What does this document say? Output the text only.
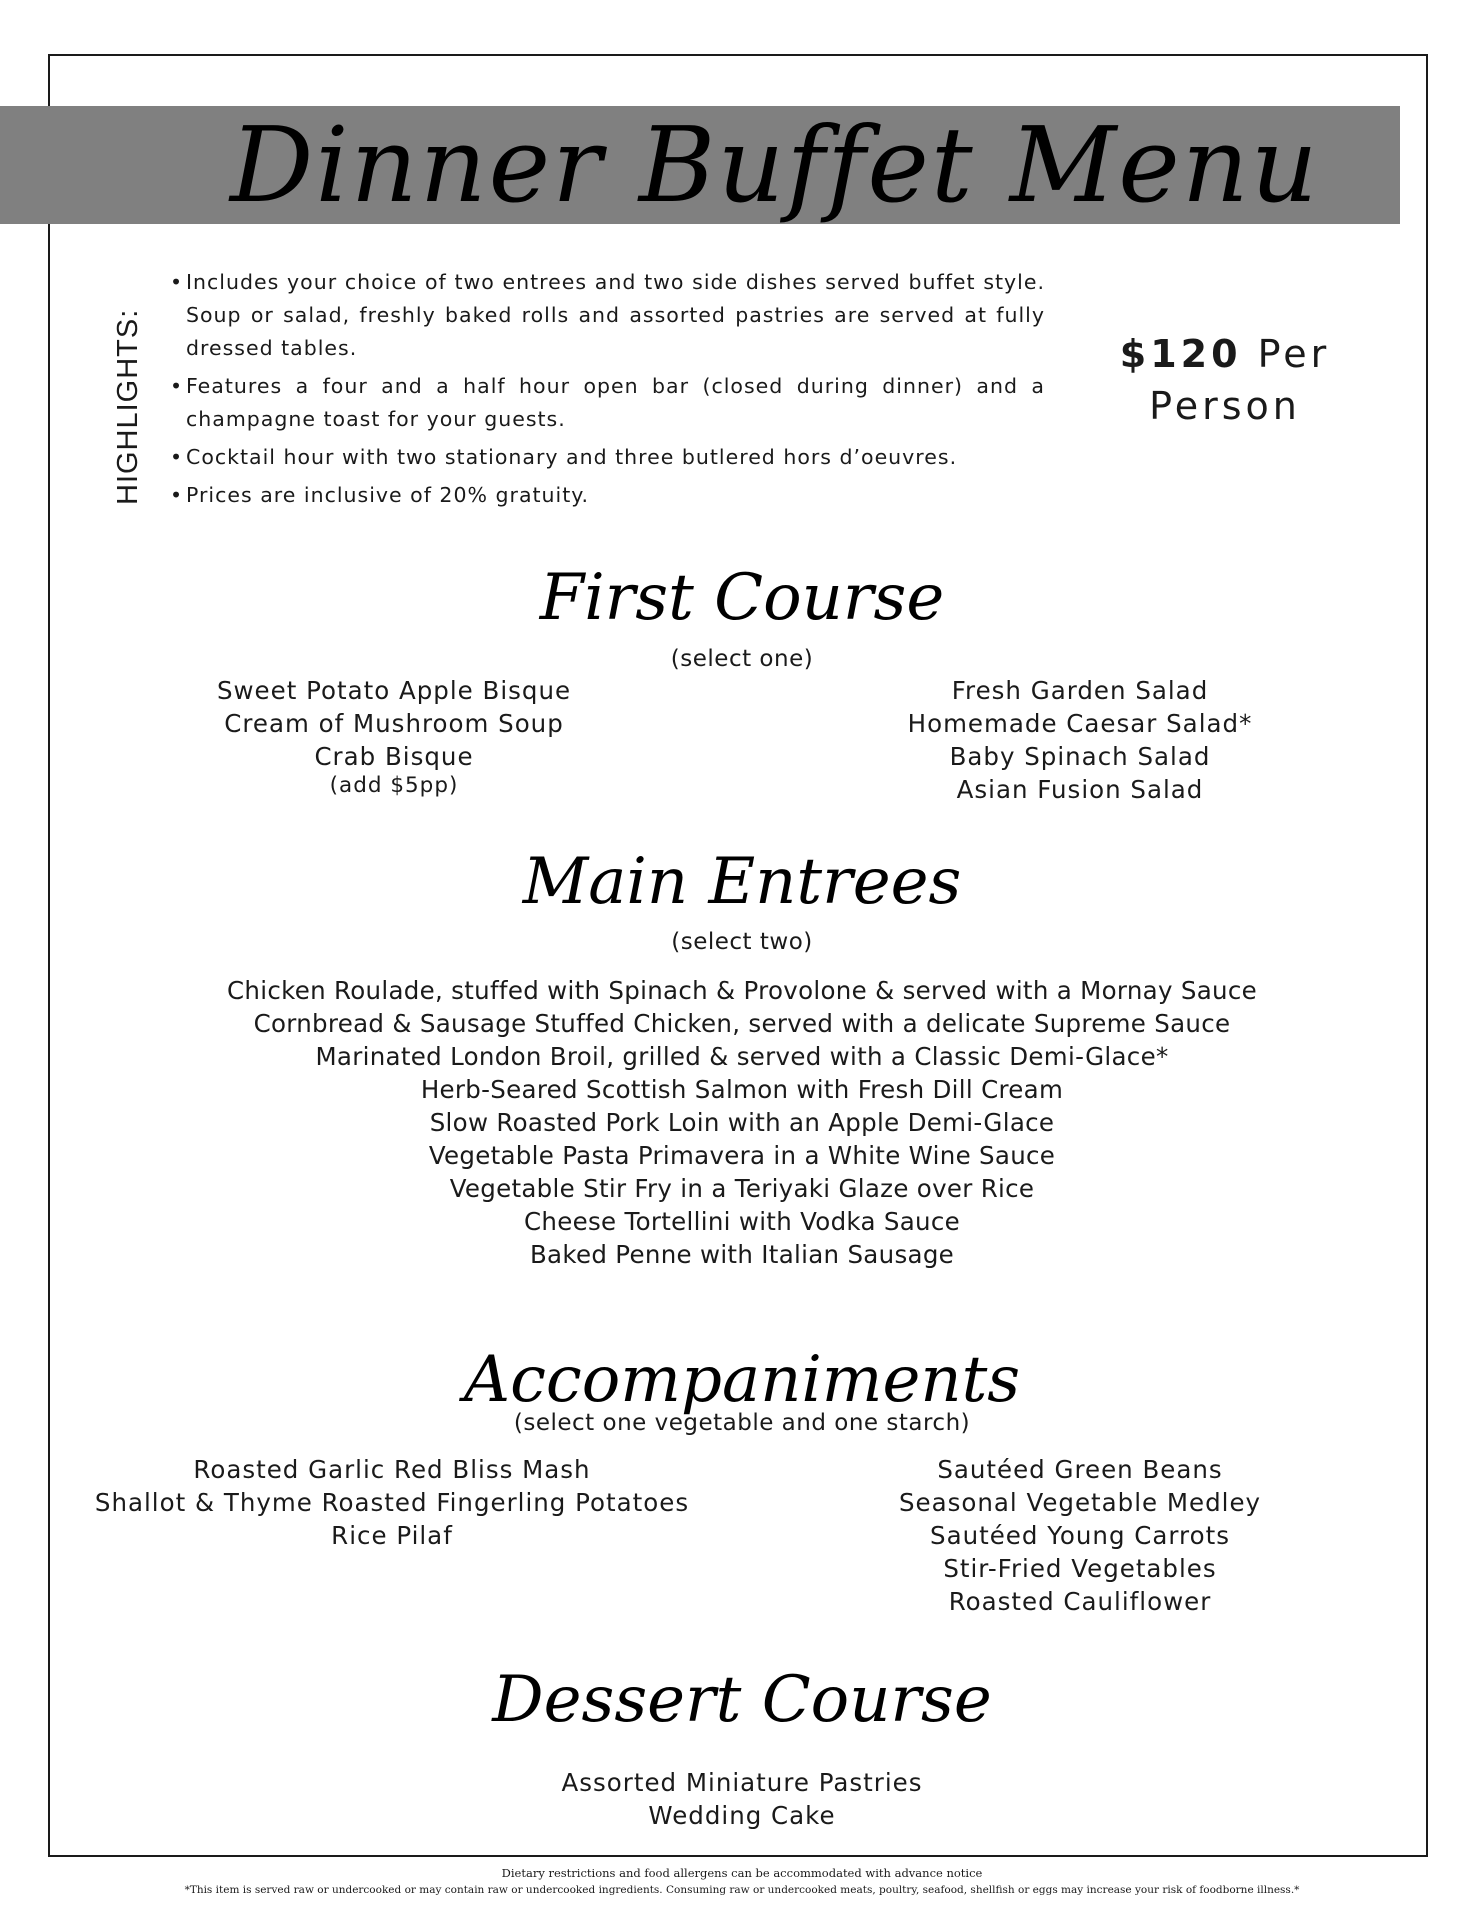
Dinner Buffet Menu
HIGHLIGHTS:
• Includes your choice of two entrees and two side dishes served buffet style. Soup or salad, freshly baked rolls and assorted pastries are served at fully dressed tables.
• Features a four and a half hour open bar (closed during dinner) and a champagne toast for your guests.
• Cocktail hour with two stationary and three butlered hors d’oeuvres.
• Prices are inclusive of 20% gratuity.
$120 Per
Person
First Course
(select one)
Sweet Potato Apple Bisque
Cream of Mushroom Soup
Crab Bisque
(add $5pp)
Fresh Garden Salad
Homemade Caesar Salad*
Baby Spinach Salad
Asian Fusion Salad
Main Entrees
(select two)
Chicken Roulade, stuffed with Spinach & Provolone & served with a Mornay Sauce
Cornbread & Sausage Stuffed Chicken, served with a delicate Supreme Sauce
Marinated London Broil, grilled & served with a Classic Demi-Glace*
Herb-Seared Scottish Salmon with Fresh Dill Cream
Slow Roasted Pork Loin with an Apple Demi-Glace
Vegetable Pasta Primavera in a White Wine Sauce
Vegetable Stir Fry in a Teriyaki Glaze over Rice
Cheese Tortellini with Vodka Sauce
Baked Penne with Italian Sausage
Accompaniments
(select one vegetable and one starch)
Roasted Garlic Red Bliss Mash
Shallot & Thyme Roasted Fingerling Potatoes
Rice Pilaf
Sautéed Green Beans
Seasonal Vegetable Medley
Sautéed Young Carrots
Stir-Fried Vegetables
Roasted Cauliflower
Dessert Course
Assorted Miniature Pastries
Wedding Cake
Dietary restrictions and food allergens can be accommodated with advance notice
*This item is served raw or undercooked or may contain raw or undercooked ingredients. Consuming raw or undercooked meats, poultry, seafood, shellfish or eggs may increase your risk of foodborne illness.*
